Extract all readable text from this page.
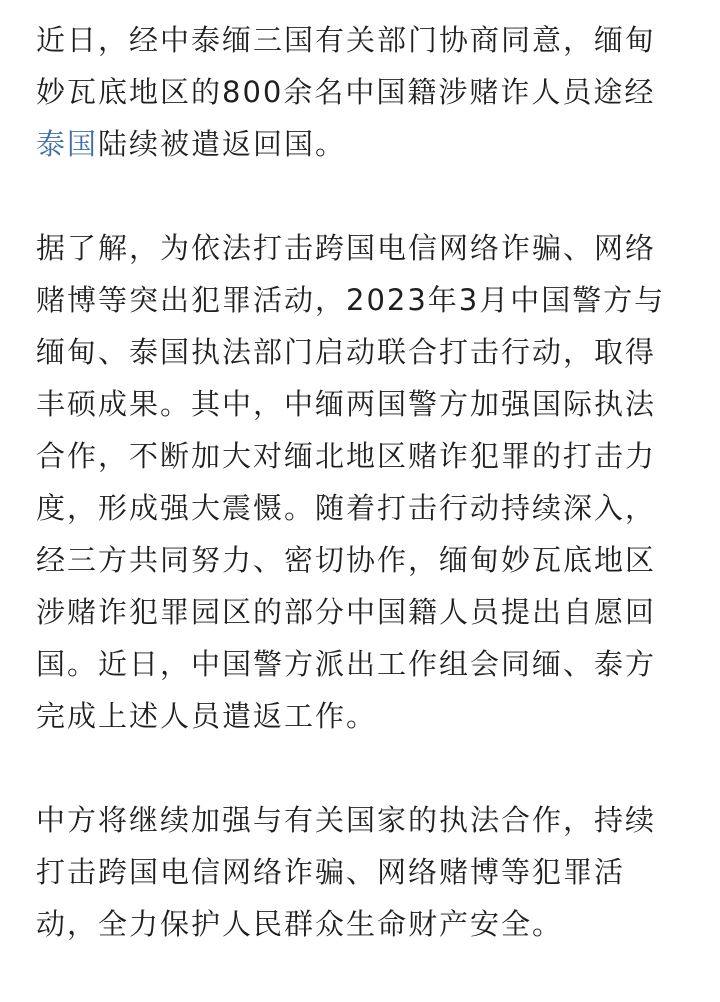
近日，经中泰缅三国有关部门协商同意，缅甸
妙瓦底地区的800余名中国籍涉赌诈人员途经
泰国陆续被遣返回国。
据了解，为依法打击跨国电信网络诈骗、网络
赌博等突出犯罪活动，2023年3月中国警方与
缅甸、泰国执法部门启动联合打击行动，取得
丰硕成果。其中，中缅两国警方加强国际执法
合作，不断加大对缅北地区赌诈犯罪的打击力
度，形成强大震慑。随着打击行动持续深入，
经三方共同努力、密切协作，缅甸妙瓦底地区
涉赌诈犯罪园区的部分中国籍人员提出自愿回
国。近日，中国警方派出工作组会同缅、泰方
完成上述人员遣返工作。
中方将继续加强与有关国家的执法合作，持续
打击跨国电信网络诈骗、网络赌博等犯罪活
动，全力保护人民群众生命财产安全。
